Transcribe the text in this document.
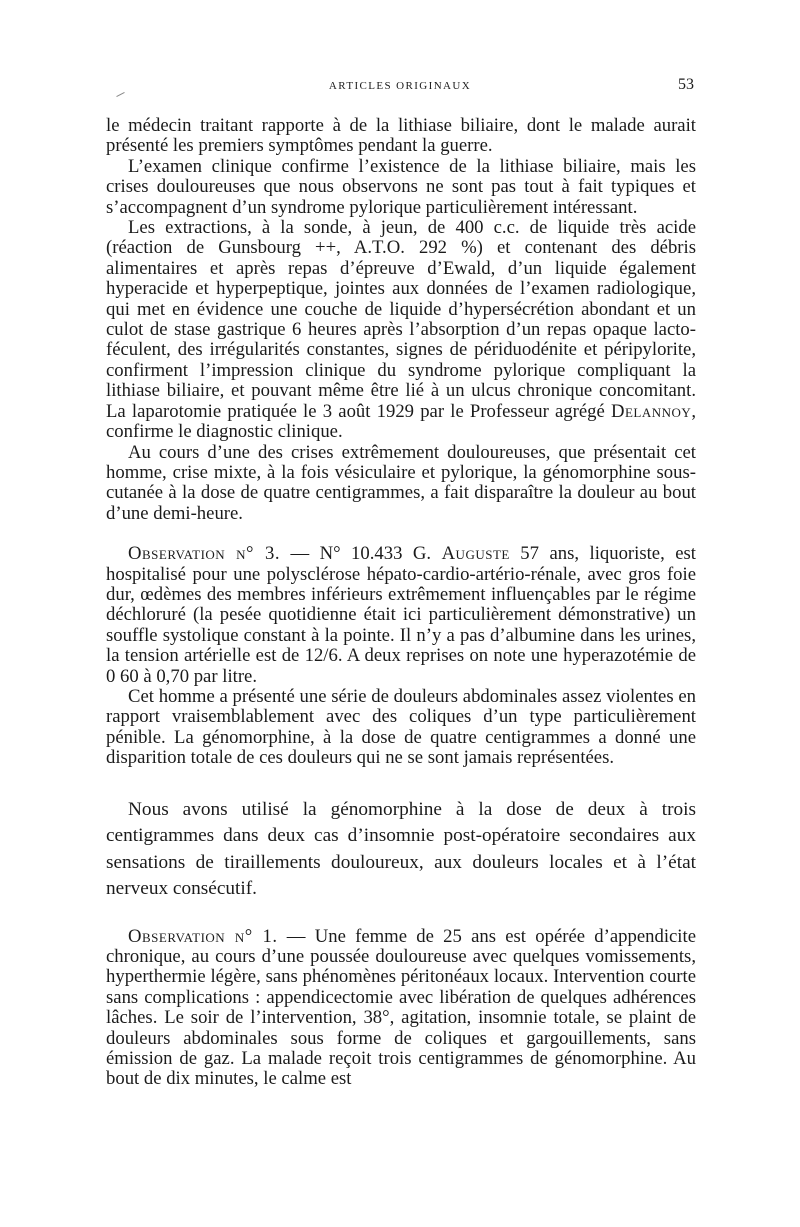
ARTICLES ORIGINAUX	53

le médecin traitant rapporte à de la lithiase biliaire, dont le malade aurait présenté les premiers symptômes pendant la guerre.

L’examen clinique confirme l’existence de la lithiase biliaire, mais les crises douloureuses que nous observons ne sont pas tout à fait typiques et s’accompagnent d’un syndrome pylorique particulièrement intéressant.

Les extractions, à la sonde, à jeun, de 400 c.c. de liquide très acide (réaction de Gunsbourg ++, A.T.O. 292 %) et contenant des débris alimentaires et après repas d’épreuve d’Ewald, d’un liquide également hyperacide et hyperpeptique, jointes aux données de l’examen radiologique, qui met en évidence une couche de liquide d’hypersécrétion abondant et un culot de stase gastrique 6 heures après l’absorption d’un repas opaque lacto-féculent, des irrégularités constantes, signes de périduodénite et péripylorite, confirment l’impression clinique du syndrome pylorique compliquant la lithiase biliaire, et pouvant même être lié à un ulcus chronique concomitant. La laparotomie pratiquée le 3 août 1929 par le Professeur agrégé Delannoy, confirme le diagnostic clinique.

Au cours d’une des crises extrêmement douloureuses, que présentait cet homme, crise mixte, à la fois vésiculaire et pylorique, la génomorphine sous-cutanée à la dose de quatre centigrammes, a fait disparaître la douleur au bout d’une demi-heure.

Observation n° 3. — N° 10.433 G. Auguste 57 ans, liquoriste, est hospitalisé pour une polysclérose hépato-cardio-artério-rénale, avec gros foie dur, œdèmes des membres inférieurs extrêmement influençables par le régime déchloruré (la pesée quotidienne était ici particulièrement démonstrative) un souffle systolique constant à la pointe. Il n’y a pas d’albumine dans les urines, la tension artérielle est de 12/6. A deux reprises on note une hyperazotémie de 0 60 à 0,70 par litre.

Cet homme a présenté une série de douleurs abdominales assez violentes en rapport vraisemblablement avec des coliques d’un type particulièrement pénible. La génomorphine, à la dose de quatre centigrammes a donné une disparition totale de ces douleurs qui ne se sont jamais représentées.

Nous avons utilisé la génomorphine à la dose de deux à trois centigrammes dans deux cas d’insomnie post-opératoire secondaires aux sensations de tiraillements douloureux, aux douleurs locales et à l’état nerveux consécutif.

Observation n° 1. — Une femme de 25 ans est opérée d’appendicite chronique, au cours d’une poussée douloureuse avec quelques vomissements, hyperthermie légère, sans phénomènes péritonéaux locaux. Intervention courte sans complications : appendicectomie avec libération de quelques adhérences lâches. Le soir de l’intervention, 38°, agitation, insomnie totale, se plaint de douleurs abdominales sous forme de coliques et gargouillements, sans émission de gaz. La malade reçoit trois centigrammes de génomorphine. Au bout de dix minutes, le calme est
